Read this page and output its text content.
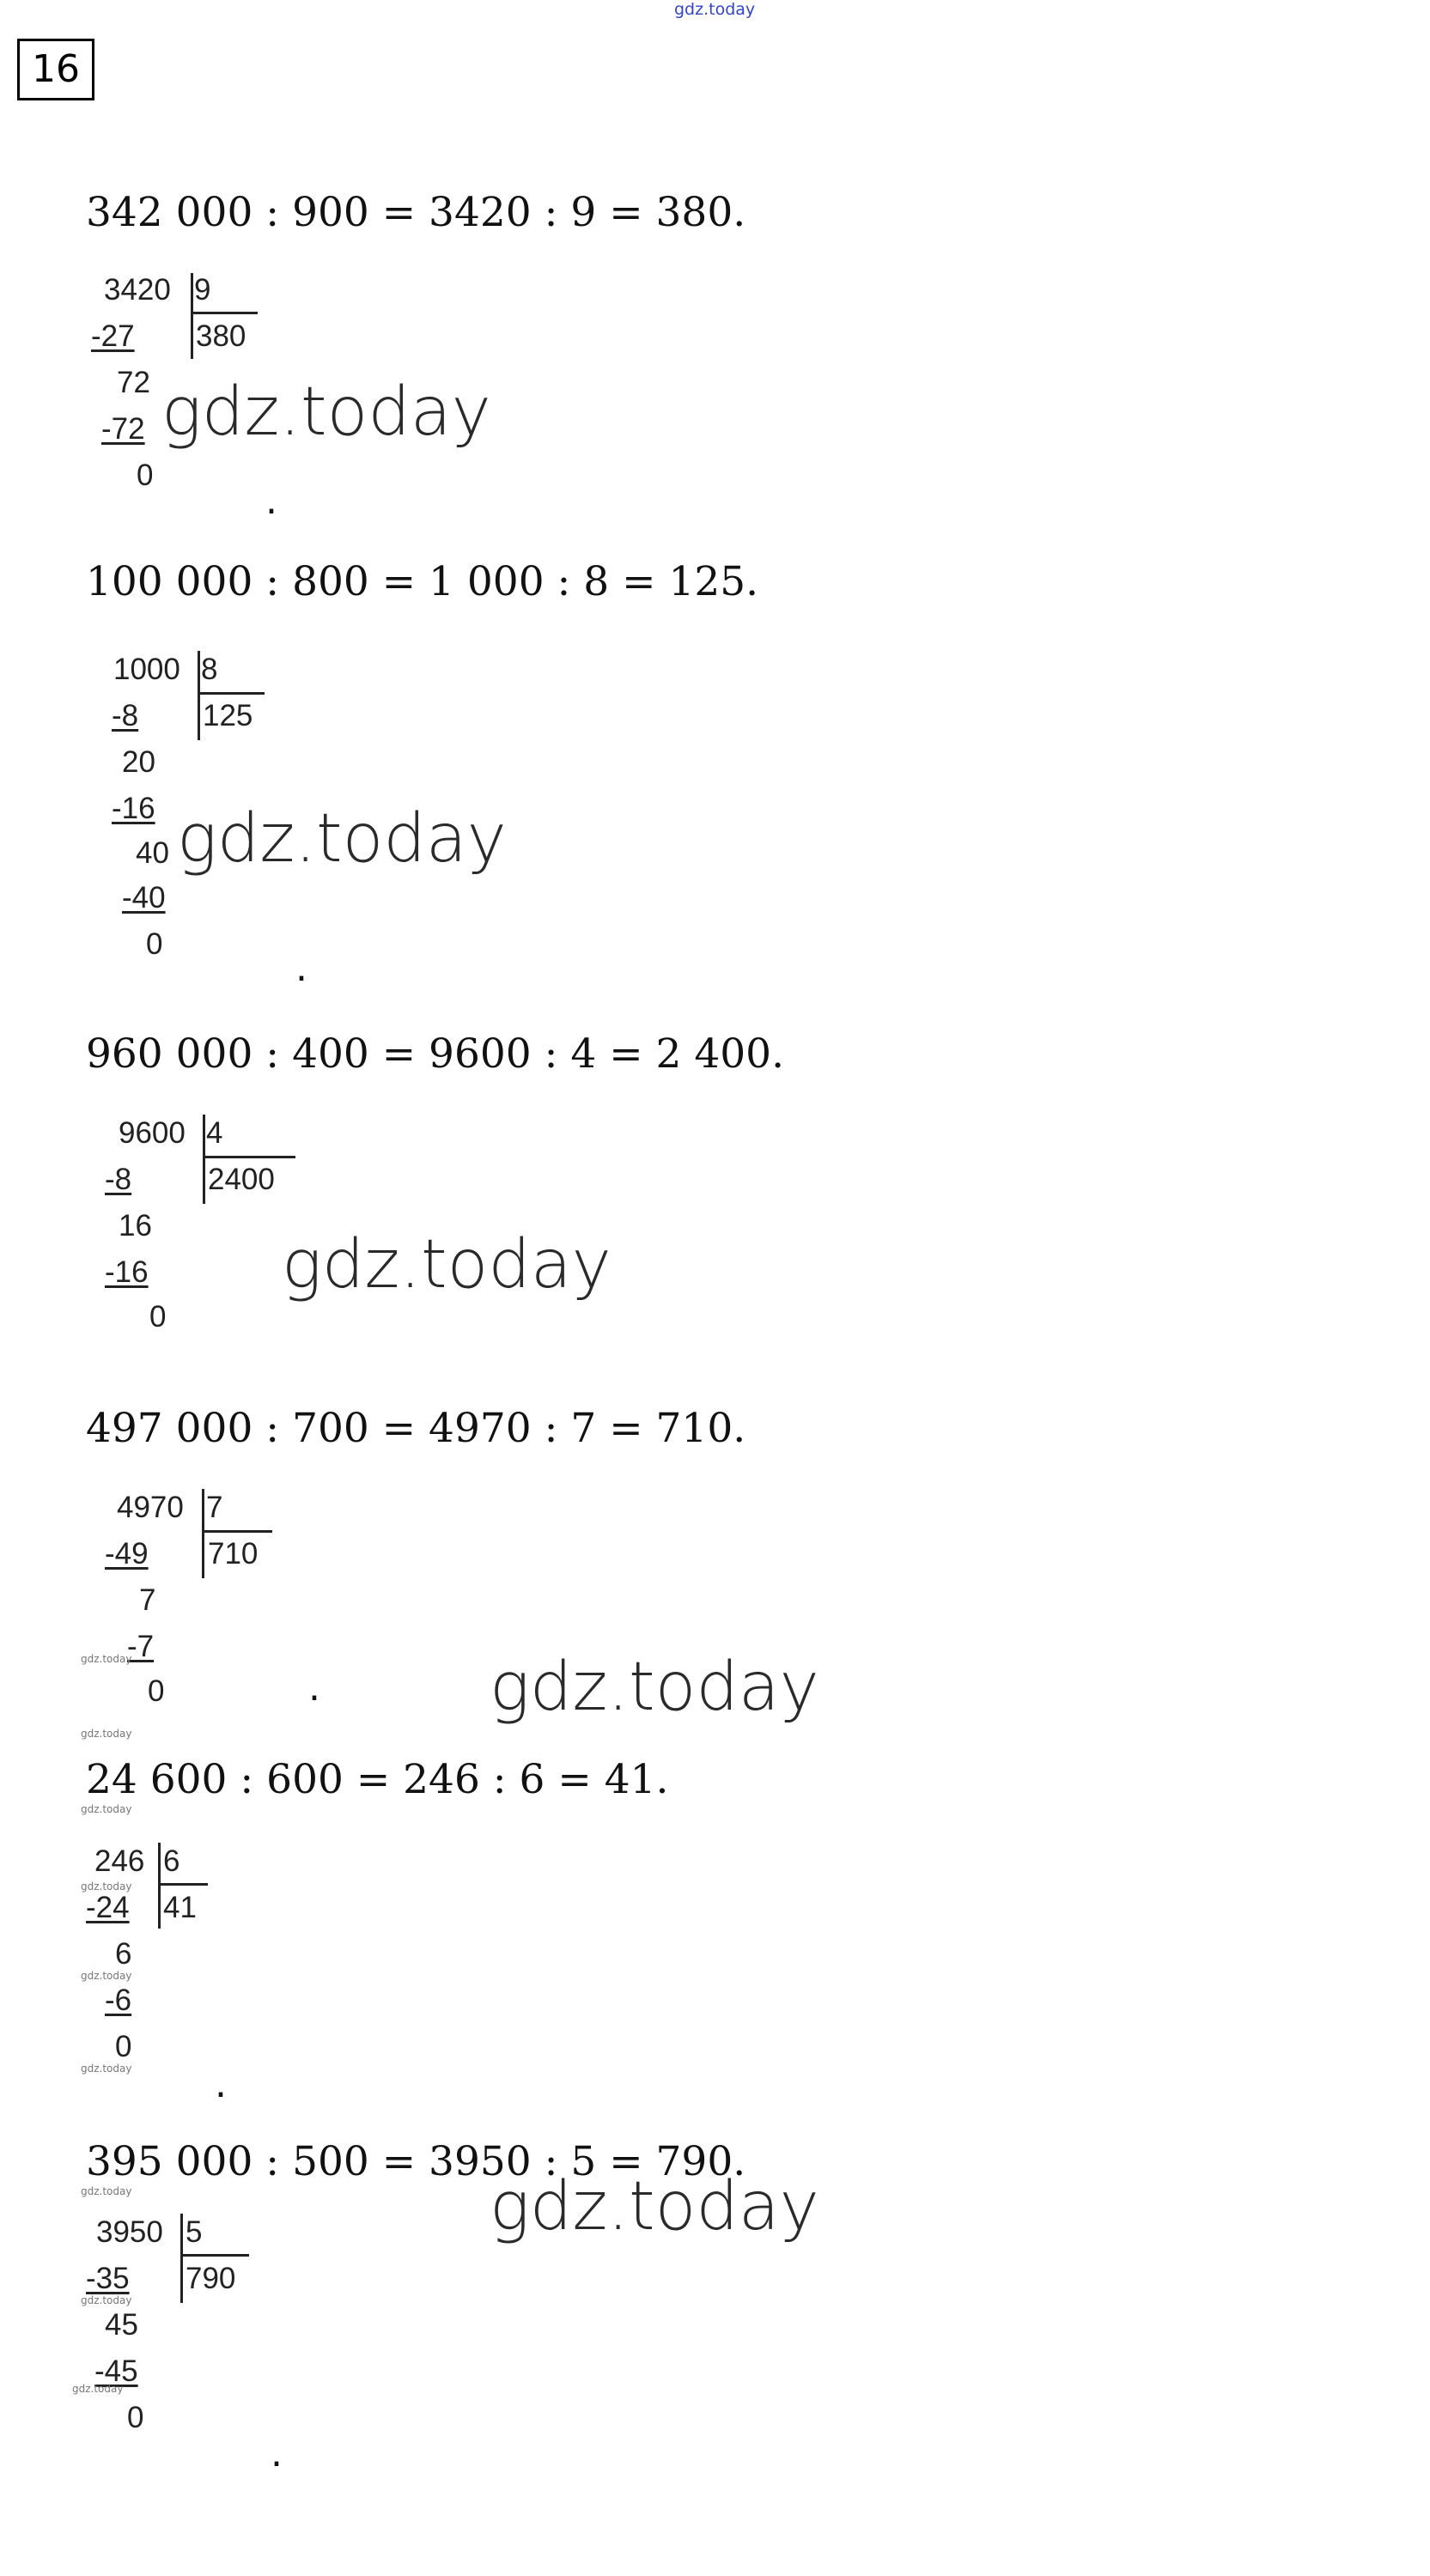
gdz.today
16
342 000 : 900 = 3420 : 9 = 380.
3420 9
380
-27
72
-72
0
gdz.today
.
100 000 : 800 = 1 000 : 8 = 125.
1000 8
125
-8
20
-16
40
-40
0
gdz.today
.
960 000 : 400 = 9600 : 4 = 2 400.
9600 4
2400
-8
16
-16
0
gdz.today
497 000 : 700 = 4970 : 7 = 710.
4970 7
710
-49
7
-7
0
gdz.today
.	gdz.today
gdz.today
24 600 : 600 = 246 : 6 = 41.
gdz.today
246 6
41
-24
6
-6
0
gdz.today
gdz.today
gdz.today .
395 000 : 500 = 3950 : 5 = 790.
gdz.today	gdz.today
3950 5
790
-35
45
-45
0
gdz.today
gdz.today
.
